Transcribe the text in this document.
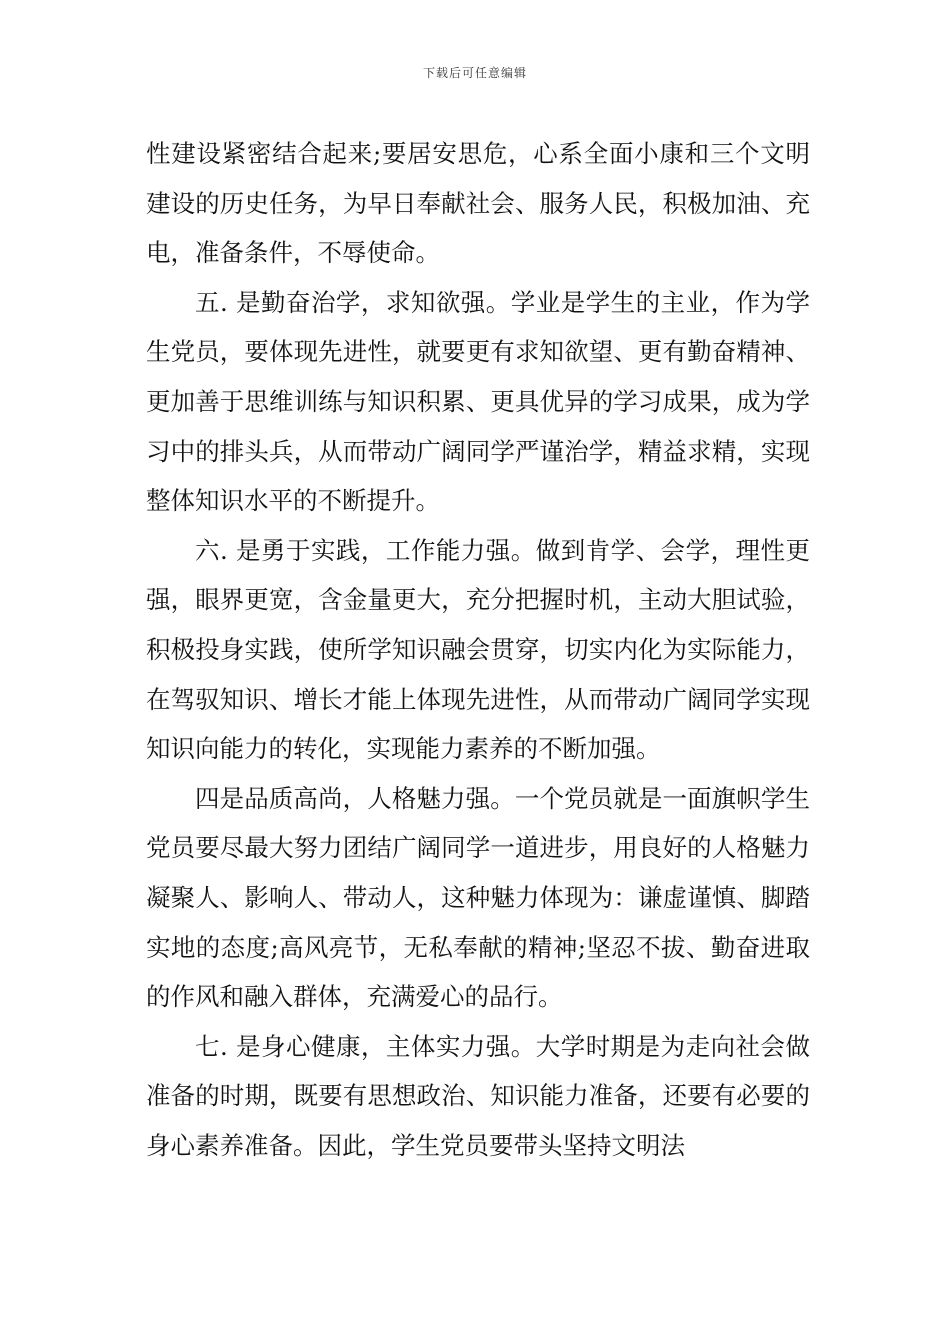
下载后可任意编辑

性建设紧密结合起来;要居安思危，心系全面小康和三个文明建设的历史任务，为早日奉献社会、服务人民，积极加油、充电，准备条件，不辱使命。

五. 是勤奋治学，求知欲强。学业是学生的主业，作为学生党员，要体现先进性，就要更有求知欲望、更有勤奋精神、更加善于思维训练与知识积累、更具优异的学习成果，成为学习中的排头兵，从而带动广阔同学严谨治学，精益求精，实现整体知识水平的不断提升。

六. 是勇于实践，工作能力强。做到肯学、会学，理性更强，眼界更宽，含金量更大，充分把握时机，主动大胆试验，积极投身实践，使所学知识融会贯穿，切实内化为实际能力，在驾驭知识、增长才能上体现先进性，从而带动广阔同学实现知识向能力的转化，实现能力素养的不断加强。

四是品质高尚，人格魅力强。一个党员就是一面旗帜学生党员要尽最大努力团结广阔同学一道进步，用良好的人格魅力凝聚人、影响人、带动人，这种魅力体现为：谦虚谨慎、脚踏实地的态度;高风亮节，无私奉献的精神;坚忍不拔、勤奋进取的作风和融入群体，充满爱心的品行。

七. 是身心健康，主体实力强。大学时期是为走向社会做准备的时期，既要有思想政治、知识能力准备，还要有必要的身心素养准备。因此，学生党员要带头坚持文明法
